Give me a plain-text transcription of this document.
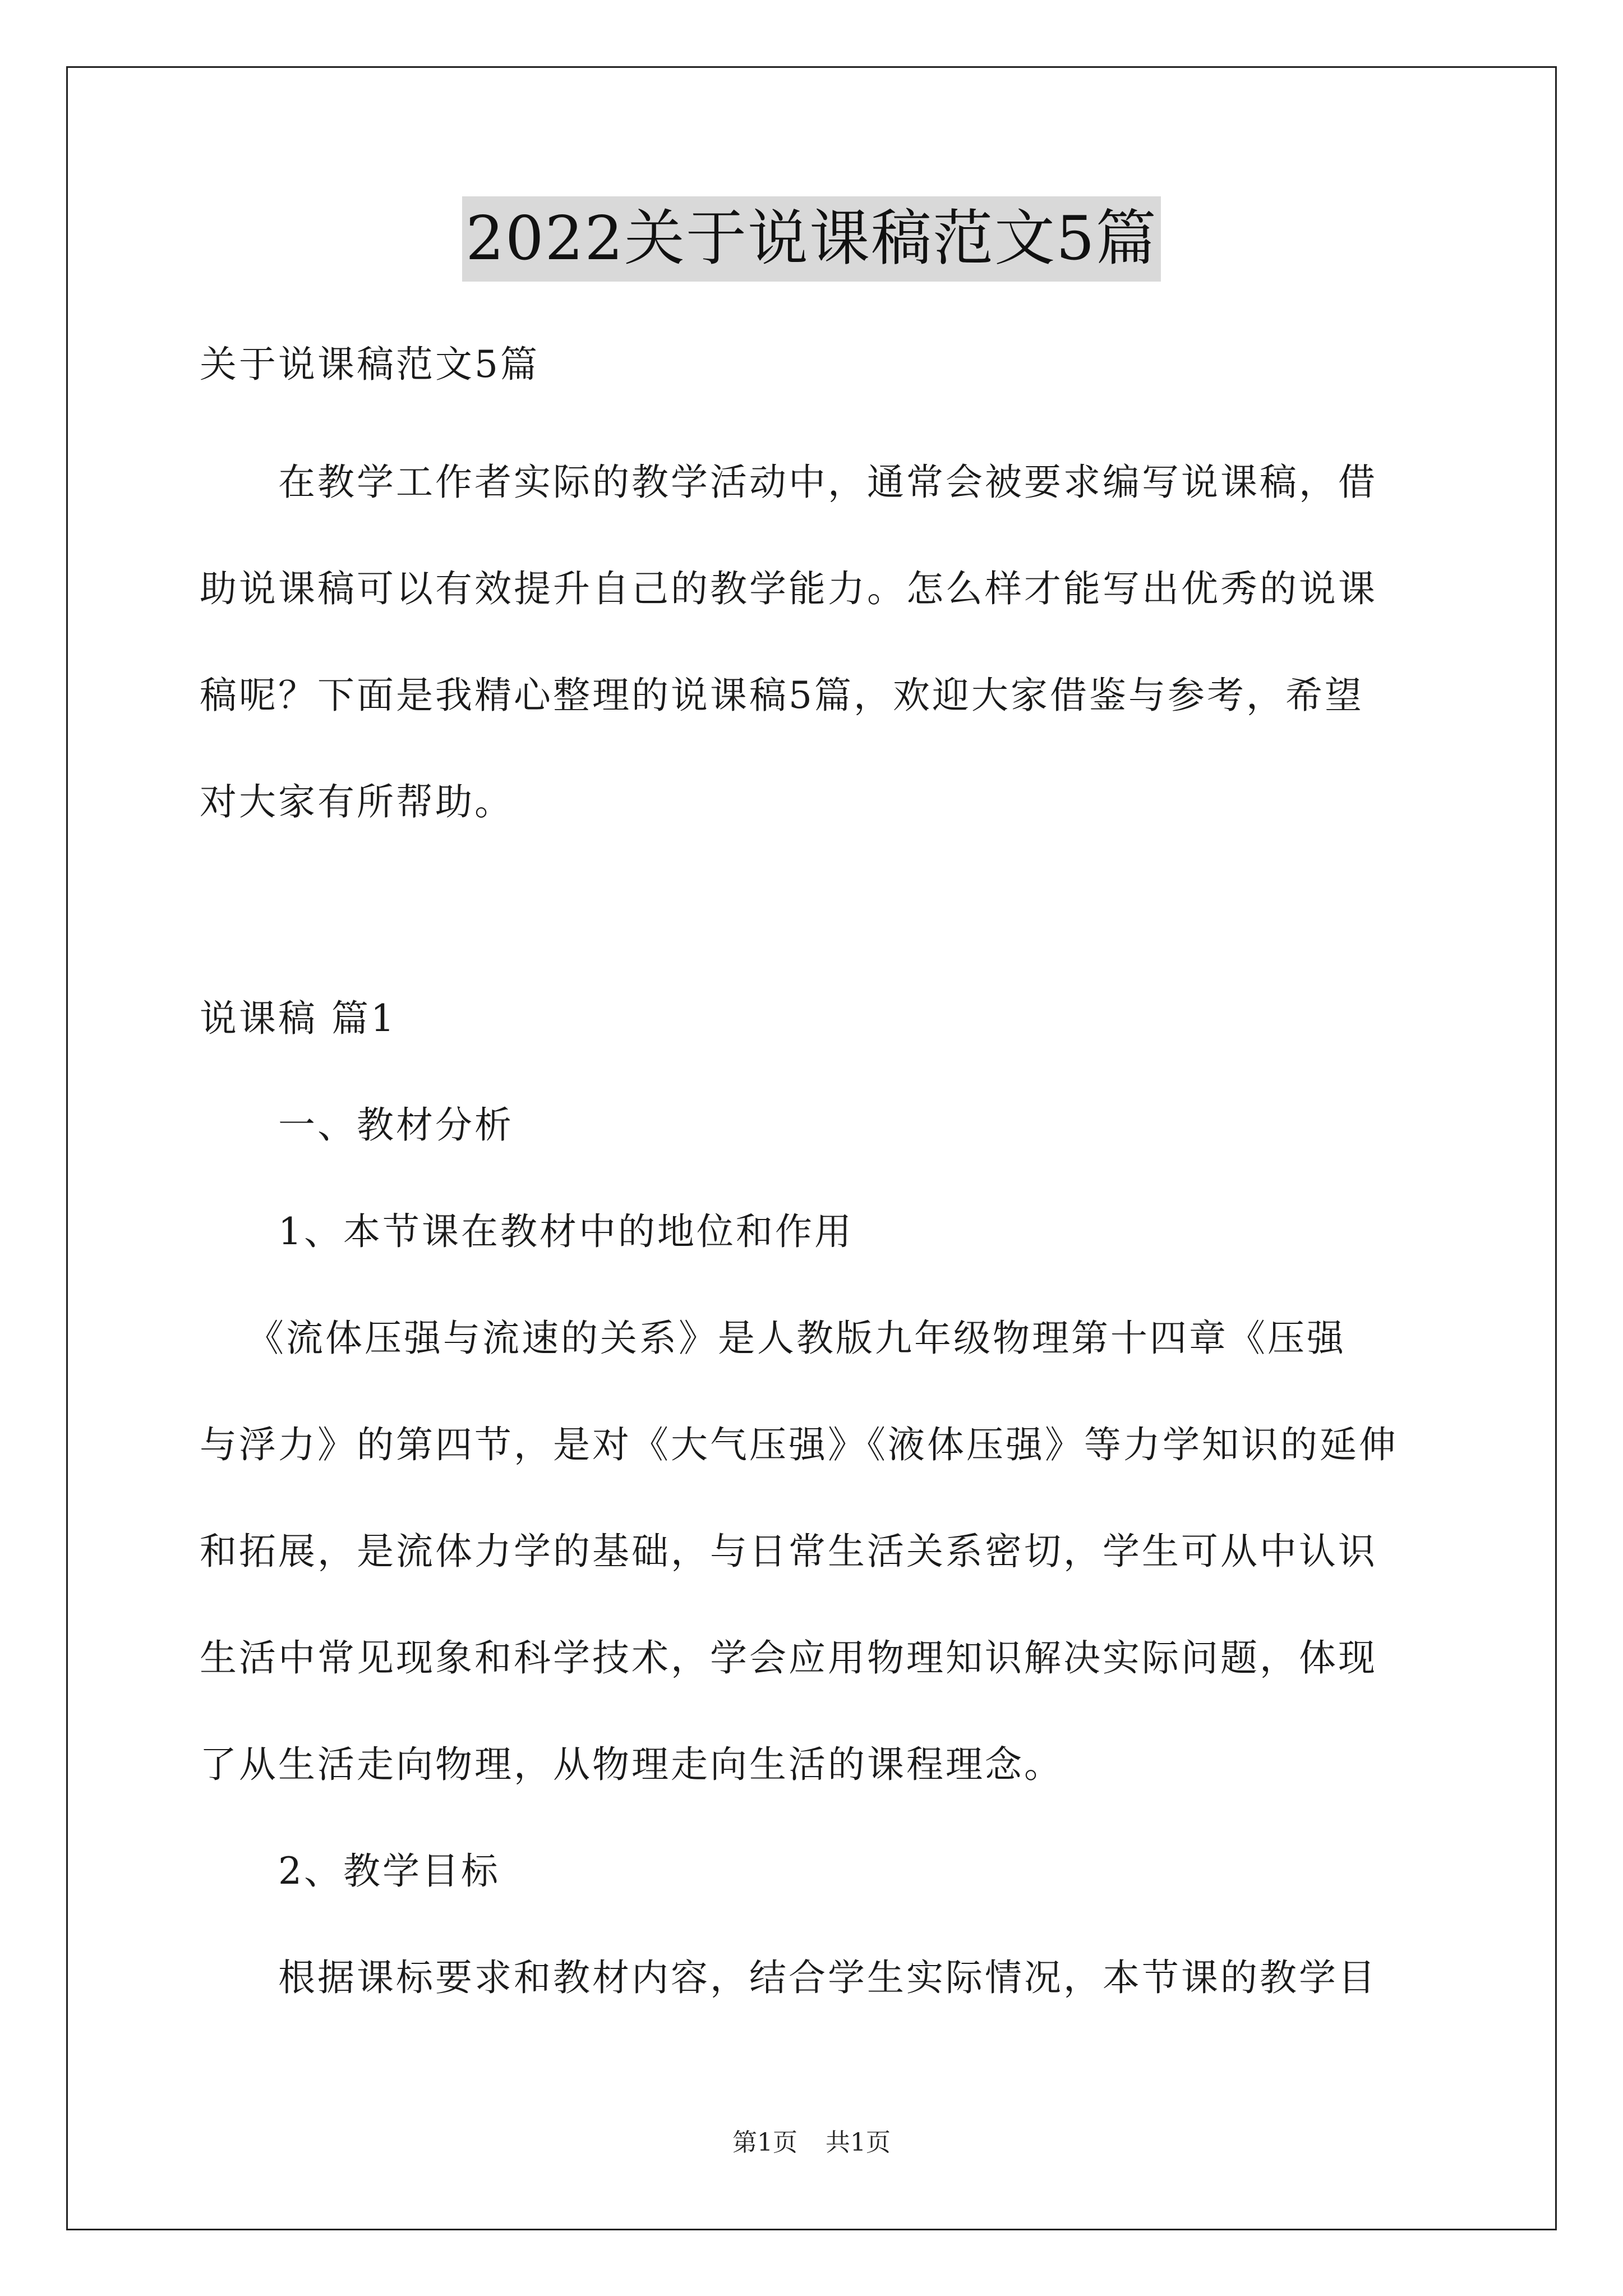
2022关于说课稿范文5篇
关于说课稿范文5篇
在教学工作者实际的教学活动中，通常会被要求编写说课稿，借
助说课稿可以有效提升自己的教学能力。怎么样才能写出优秀的说课
稿呢？下面是我精心整理的说课稿5篇，欢迎大家借鉴与参考，希望
对大家有所帮助。
说课稿 篇1
一、教材分析
1、本节课在教材中的地位和作用
《流体压强与流速的关系》是人教版九年级物理第十四章《压强
与浮力》的第四节，是对《大气压强》《液体压强》等力学知识的延伸
和拓展，是流体力学的基础，与日常生活关系密切，学生可从中认识
生活中常见现象和科学技术，学会应用物理知识解决实际问题，体现
了从生活走向物理，从物理走向生活的课程理念。
2、教学目标
根据课标要求和教材内容，结合学生实际情况，本节课的教学目
第1页 共1页
